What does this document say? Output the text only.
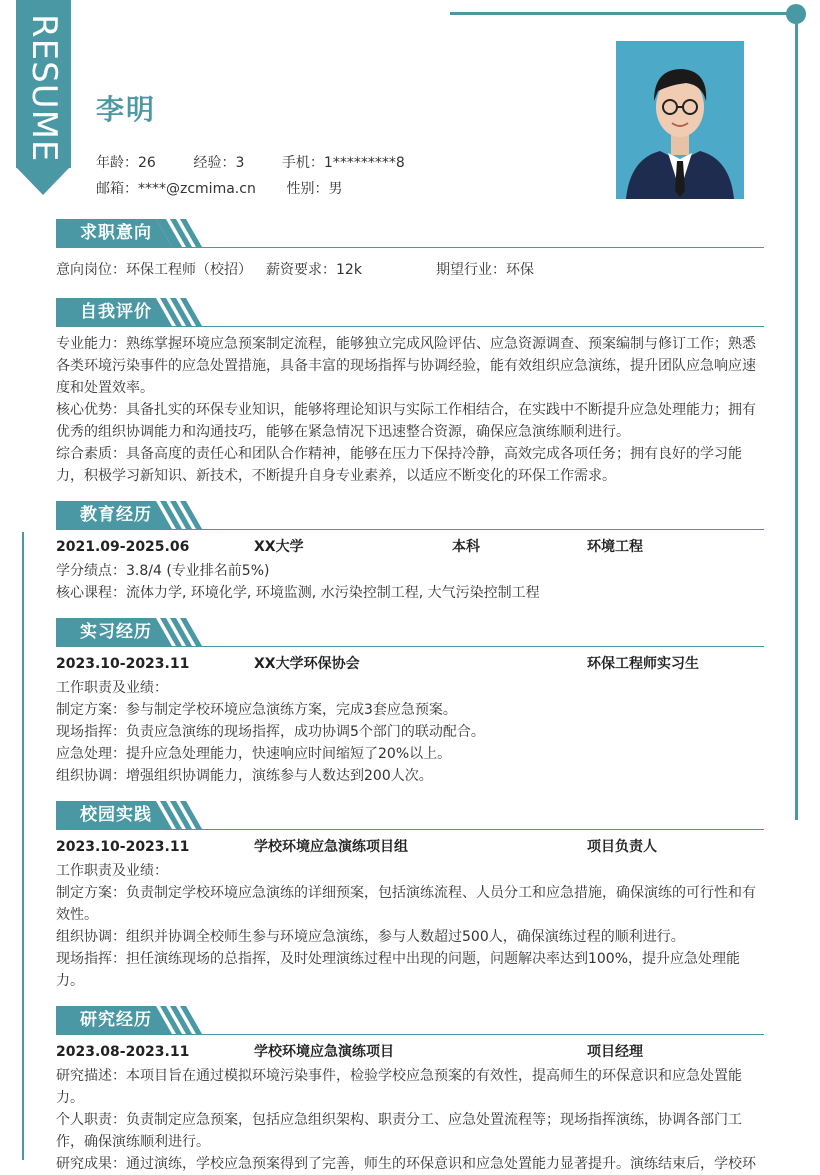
RESUME 李明
年龄：26	经验：3	手机：1*********8
邮箱：****@zcmima.cn 性别：男
求职意向
意向岗位：环保工程师（校招） 薪资要求：12k	期望行业：环保
自我评价

专业能力：熟练掌握环境应急预案制定流程，能够独立完成风险评估、应急资源调查、预案编制与修订工作；熟悉各类环境污染事件的应急处置措施，具备丰富的现场指挥与协调经验，能有效组织应急演练，提升团队应急响应速度和处置效率。

核心优势：具备扎实的环保专业知识，能够将理论知识与实际工作相结合，在实践中不断提升应急处理能力；拥有优秀的组织协调能力和沟通技巧，能够在紧急情况下迅速整合资源，确保应急演练顺利进行。

综合素质：具备高度的责任心和团队合作精神，能够在压力下保持冷静，高效完成各项任务；拥有良好的学习能力，积极学习新知识、新技术，不断提升自身专业素养，以适应不断变化的环保工作需求。

教育经历
2021.09-2025.06	XX大学	本科	环境工程

学分绩点：3.8/4 (专业排名前5%)

核心课程：流体力学, 环境化学, 环境监测, 水污染控制工程, 大气污染控制工程

实习经历
2023.10-2023.11	XX大学环保协会	环保工程师实习生

工作职责及业绩：

制定方案：参与制定学校环境应急演练方案，完成3套应急预案。

现场指挥：负责应急演练的现场指挥，成功协调5个部门的联动配合。

应急处理：提升应急处理能力，快速响应时间缩短了20%以上。

组织协调：增强组织协调能力，演练参与人数达到200人次。

校园实践
2023.10-2023.11	学校环境应急演练项目组	项目负责人

工作职责及业绩：

制定方案：负责制定学校环境应急演练的详细预案，包括演练流程、人员分工和应急措施，确保演练的可行性和有效性。

组织协调：组织并协调全校师生参与环境应急演练，参与人数超过500人，确保演练过程的顺利进行。

现场指挥：担任演练现场的总指挥，及时处理演练过程中出现的问题，问题解决率达到100%，提升应急处理能力。

研究经历
2023.08-2023.11	学校环境应急演练项目	项目经理

研究描述：本项目旨在通过模拟环境污染事件，检验学校应急预案的有效性，提高师生的环保意识和应急处置能力。

个人职责：负责制定应急预案，包括应急组织架构、职责分工、应急处置流程等；现场指挥演练，协调各部门工作，确保演练顺利进行。

研究成果：通过演练，学校应急预案得到了完善，师生的环保意识和应急处置能力显著提升。演练结束后，学校环
